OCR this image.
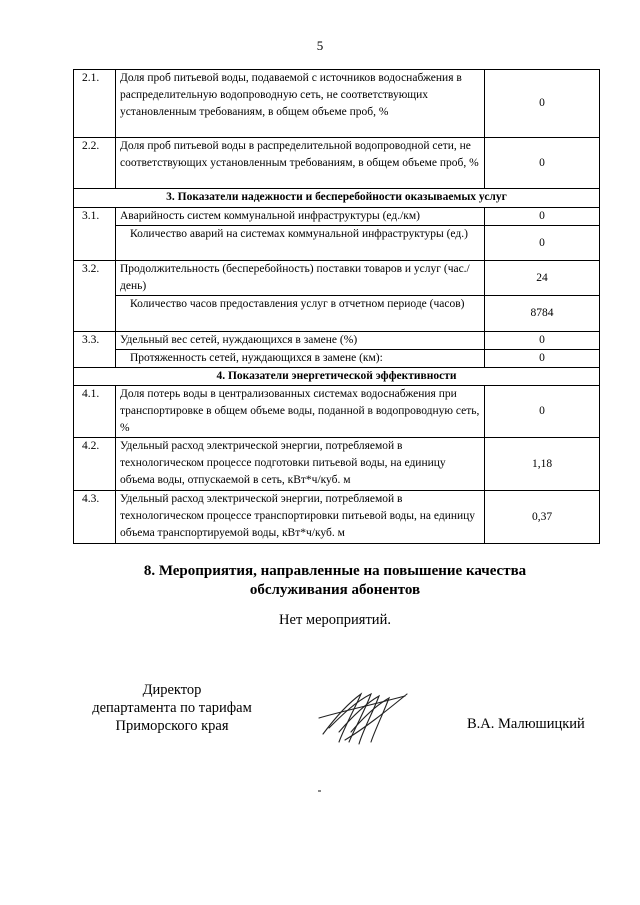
5
2.1.	Доля проб питьевой воды, подаваемой с источников водоснабжения в распределительную водопроводную сеть, не соответствующих установленным требованиям, в общем объеме проб, %	0
2.2.	Доля проб питьевой воды в распределительной водопроводной сети, не соответствующих установленным требованиям, в общем объеме проб, %	0
3. Показатели надежности и бесперебойности оказываемых услуг		
3.1.	Аварийность систем коммунальной инфраструктуры (ед./км)	0
	Количество аварий на системах коммунальной инфраструктуры (ед.)	0
3.2.	Продолжительность (бесперебойность) поставки товаров и услуг (час./день)	24
	Количество часов предоставления услуг в отчетном периоде (часов)	8784
3.3.	Удельный вес сетей, нуждающихся в замене (%)	0
	Протяженность сетей, нуждающихся в замене (км):	0
4. Показатели энергетической эффективности		
4.1.	Доля потерь воды в централизованных системах водоснабжения при транспортировке в общем объеме воды, поданной в водопроводную сеть, %	0
4.2.	Удельный расход электрической энергии, потребляемой в технологическом процессе подготовки питьевой воды, на единицу объема воды, отпускаемой в сеть, кВт*ч/куб. м	1,18
4.3.	Удельный расход электрической энергии, потребляемой в технологическом процессе транспортировки питьевой воды, на единицу объема транспортируемой воды, кВт*ч/куб. м	0,37
8. Мероприятия, направленные на повышение качества
обслуживания абонентов
Нет мероприятий.
Директор
департамента по тарифам
Приморского края	В.А. Малюшицкий
